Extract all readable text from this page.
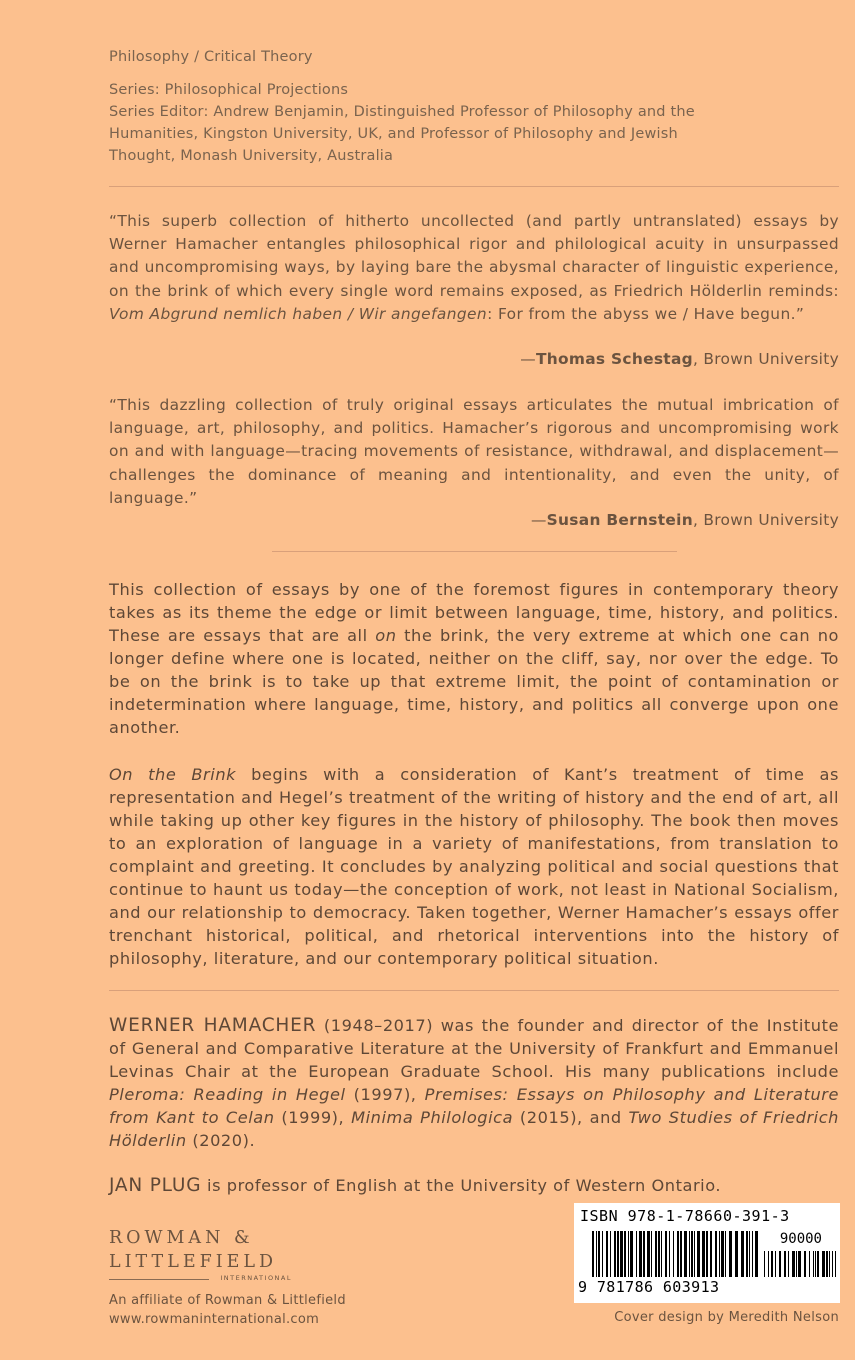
Philosophy / Critical Theory
Series: Philosophical Projections
Series Editor: Andrew Benjamin, Distinguished Professor of Philosophy and the
Humanities, Kingston University, UK, and Professor of Philosophy and Jewish
Thought, Monash University, Australia
“This superb collection of hitherto uncollected (and partly untranslated) essays by Werner Hamacher entangles philosophical rigor and philological acuity in unsurpassed and uncompromising ways, by laying bare the abysmal character of linguistic experience, on the brink of which every single word remains exposed, as Friedrich Hölderlin reminds: Vom Abgrund nemlich haben / Wir angefangen: For from the abyss we / Have begun.”
—Thomas Schestag, Brown University
“This dazzling collection of truly original essays articulates the mutual imbrication of language, art, philosophy, and politics. Hamacher’s rigorous and uncompromising work on and with language—tracing movements of resistance, withdrawal, and displacement—challenges the dominance of meaning and intentionality, and even the unity, of language.”
—Susan Bernstein, Brown University
This collection of essays by one of the foremost figures in contemporary theory takes as its theme the edge or limit between language, time, history, and politics. These are essays that are all on the brink, the very extreme at which one can no longer define where one is located, neither on the cliff, say, nor over the edge. To be on the brink is to take up that extreme limit, the point of contamination or indetermination where language, time, history, and politics all converge upon one another.
On the Brink begins with a consideration of Kant’s treatment of time as representation and Hegel’s treatment of the writing of history and the end of art, all while taking up other key figures in the history of philosophy. The book then moves to an exploration of language in a variety of manifestations, from translation to complaint and greeting. It concludes by analyzing political and social questions that continue to haunt us today—the conception of work, not least in National Socialism, and our relationship to democracy. Taken together, Werner Hamacher’s essays offer trenchant historical, political, and rhetorical interventions into the history of philosophy, literature, and our contemporary political situation.
WERNER HAMACHER (1948–2017) was the founder and director of the Institute of General and Comparative Literature at the University of Frankfurt and Emmanuel Levinas Chair at the European Graduate School. His many publications include Pleroma: Reading in Hegel (1997), Premises: Essays on Philosophy and Literature from Kant to Celan (1999), Minima Philologica (2015), and Two Studies of Friedrich Hölderlin (2020).
JAN PLUG is professor of English at the University of Western Ontario.
ROWMAN &
LITTLEFIELD
INTERNATIONAL
An affiliate of Rowman & Littlefield
www.rowmaninternational.com
ISBN 978-1-78660-391-3
90000
9 781786 603913
Cover design by Meredith Nelson
